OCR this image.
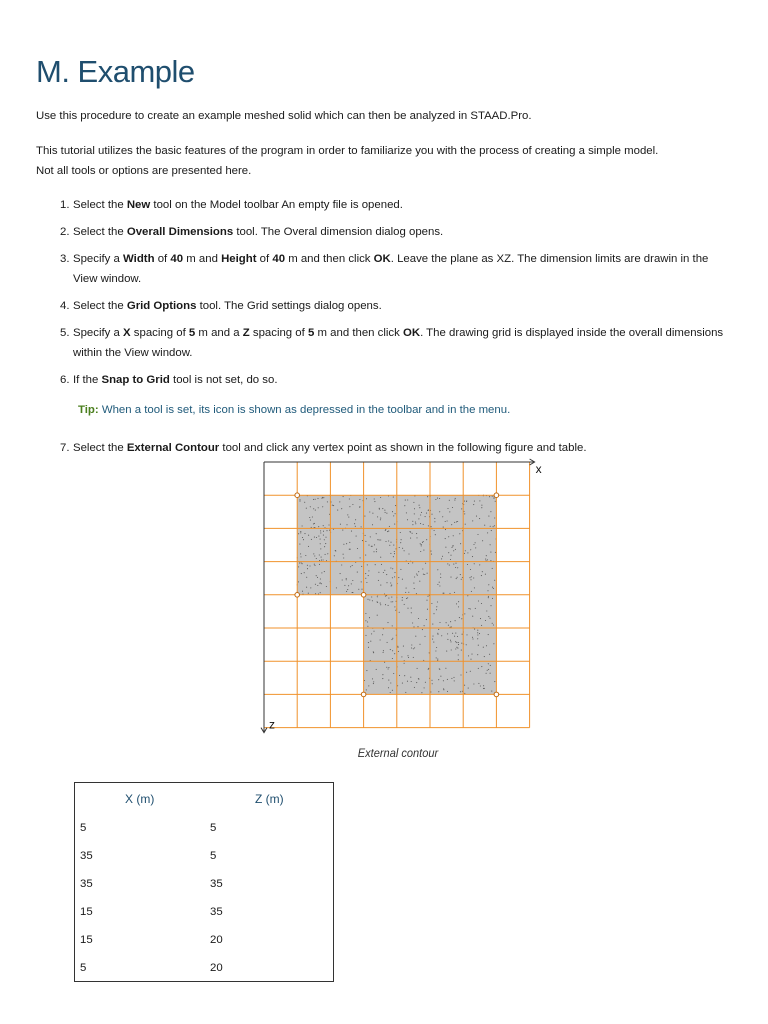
M. Example

Use this procedure to create an example meshed solid which can then be analyzed in STAAD.Pro.

This tutorial utilizes the basic features of the program in order to familiarize you with the process of creating a simple model.

Not all tools or options are presented here.

1. Select the New tool on the Model toolbar An empty file is opened.
2. Select the Overall Dimensions tool. The Overal dimension dialog opens.
3. Specify a Width of 40 m and Height of 40 m and then click OK. Leave the plane as XZ. The dimension limits are drawin in the View window.
4. Select the Grid Options tool. The Grid settings dialog opens.
5. Specify a X spacing of 5 m and a Z spacing of 5 m and then click OK. The drawing grid is displayed inside the overall dimensions within the View window.
6. If the Snap to Grid tool is not set, do so.
Tip: When a tool is set, its icon is shown as depressed in the toolbar and in the menu.
7. Select the External Contour tool and click any vertex point as shown in the following figure and table.
x
z
External contour
X (m)	Z (m)
5	5
35	5
35	35
15	35
15	20
5	20
